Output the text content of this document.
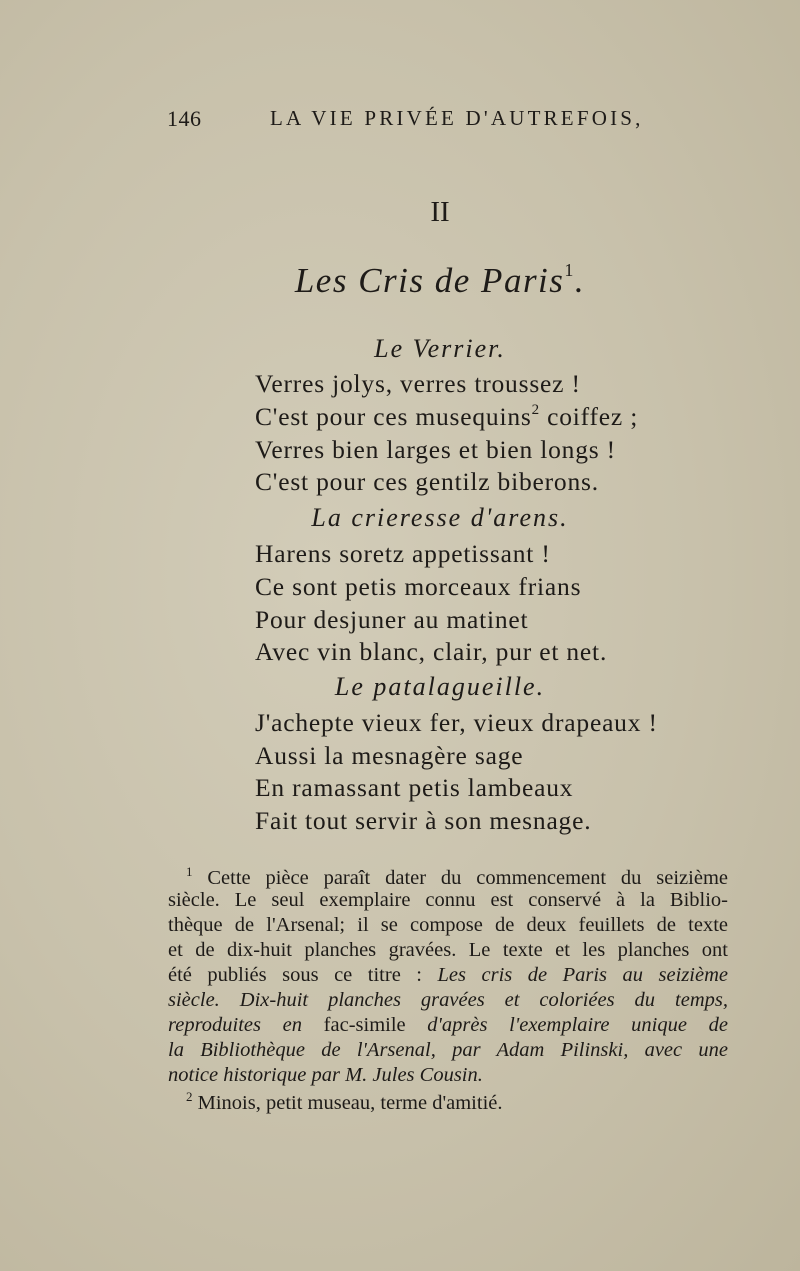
146	LA VIE PRIVÉE D'AUTREFOIS,
II
Les Cris de Paris$^1$.
Le Verrier.
Verres jolys, verres troussez !
C'est pour ces musequins$^2$ coiffez ;
Verres bien larges et bien longs !
C'est pour ces gentilz biberons.
La crieresse d'arens.
Harens soretz appetissant !
Ce sont petis morceaux frians
Pour desjuner au matinet
Avec vin blanc, clair, pur et net.
Le patalagueille.
J'achepte vieux fer, vieux drapeaux !
Aussi la mesnagère sage
En ramassant petis lambeaux
Fait tout servir à son mesnage.
$^1$ Cette pièce paraît dater du commencement du seizième
siècle. Le seul exemplaire connu est conservé à la Biblio-
thèque de l'Arsenal; il se compose de deux feuillets de texte
et de dix-huit planches gravées. Le texte et les planches ont
été publiés sous ce titre : Les cris de Paris au seizième
siècle. Dix-huit planches gravées et coloriées du temps,
reproduites en fac-simile d'après l'exemplaire unique de
la Bibliothèque de l'Arsenal, par Adam Pilinski, avec une
notice historique par M. Jules Cousin.
$^2$ Minois, petit museau, terme d'amitié.
